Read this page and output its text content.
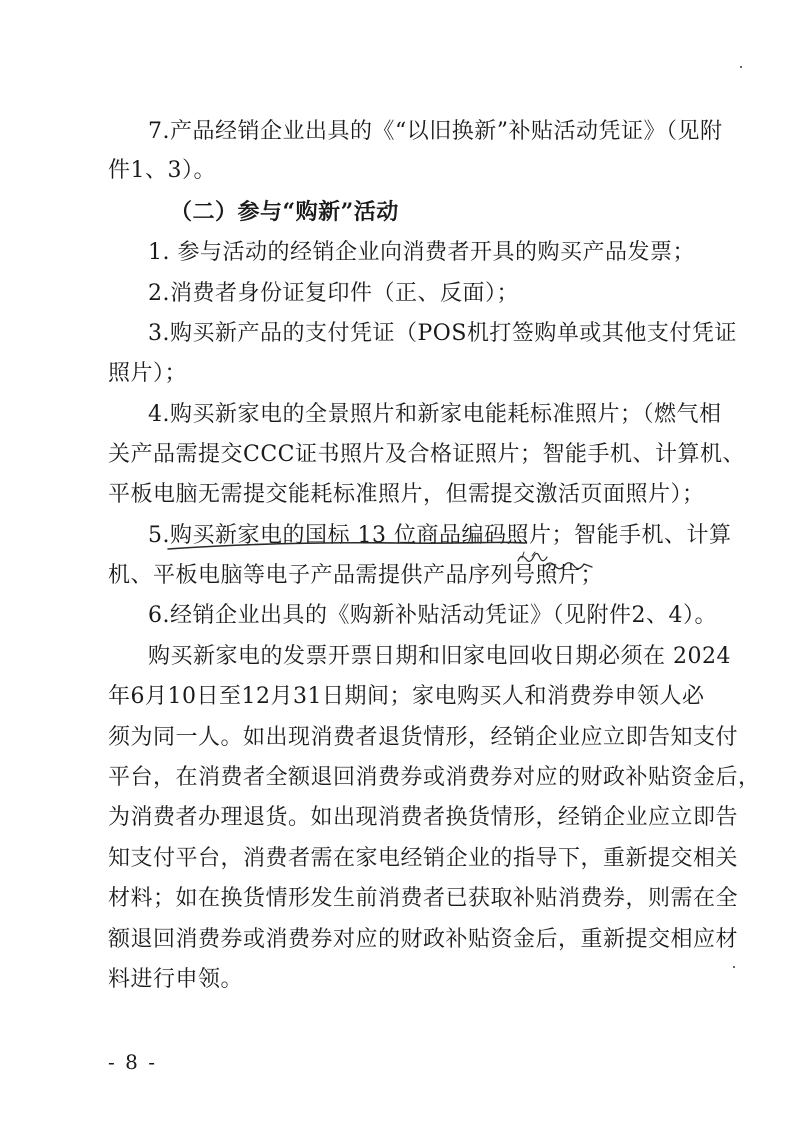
7.产品经销企业出具的《“以旧换新”补贴活动凭证》（见附
件1、3）。
（二）参与“购新”活动
1. 参与活动的经销企业向消费者开具的购买产品发票；
2.消费者身份证复印件（正、反面）；
3.购买新产品的支付凭证（POS机打签购单或其他支付凭证
照片）；
4.购买新家电的全景照片和新家电能耗标准照片；（燃气相
关产品需提交CCC证书照片及合格证照片；智能手机、计算机、
平板电脑无需提交能耗标准照片，但需提交激活页面照片）；
5.购买新家电的国标 13 位商品编码照片；智能手机、计算
机、平板电脑等电子产品需提供产品序列号照片；
6.经销企业出具的《购新补贴活动凭证》（见附件2、4）。
购买新家电的发票开票日期和旧家电回收日期必须在 2024
年6月10日至12月31日期间；家电购买人和消费券申领人必
须为同一人。如出现消费者退货情形，经销企业应立即告知支付
平台，在消费者全额退回消费券或消费券对应的财政补贴资金后，
为消费者办理退货。如出现消费者换货情形，经销企业应立即告
知支付平台，消费者需在家电经销企业的指导下，重新提交相关
材料；如在换货情形发生前消费者已获取补贴消费券，则需在全
额退回消费券或消费券对应的财政补贴资金后，重新提交相应材
料进行申领。
- 8 -
